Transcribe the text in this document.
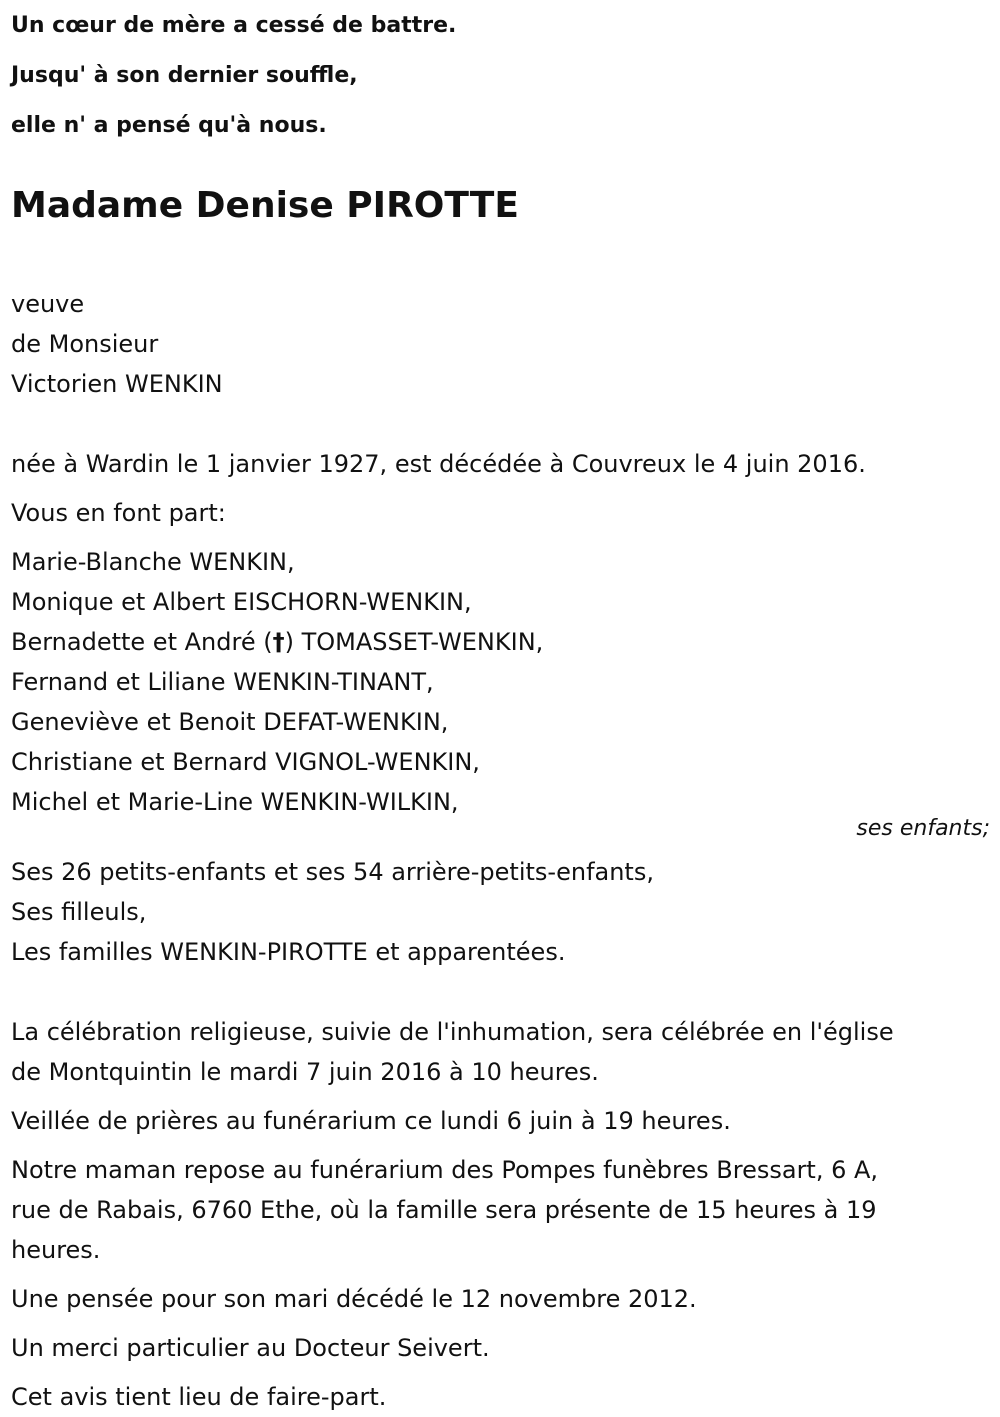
Un cœur de mère a cessé de battre.
Jusqu' à son dernier souffle,
elle n' a pensé qu'à nous.
Madame Denise PIROTTE
veuve
de Monsieur
Victorien WENKIN
née à Wardin le 1 janvier 1927, est décédée à Couvreux le 4 juin 2016.
Vous en font part:
Marie-Blanche WENKIN,
Monique et Albert EISCHORN-WENKIN,
Bernadette et André (†) TOMASSET-WENKIN,
Fernand et Liliane WENKIN-TINANT,
Geneviève et Benoit DEFAT-WENKIN,
Christiane et Bernard VIGNOL-WENKIN,
Michel et Marie-Line WENKIN-WILKIN,
ses enfants;
Ses 26 petits-enfants et ses 54 arrière-petits-enfants,
Ses filleuls,
Les familles WENKIN-PIROTTE et apparentées.
La célébration religieuse, suivie de l'inhumation, sera célébrée en l'église
de Montquintin le mardi 7 juin 2016 à 10 heures.
Veillée de prières au funérarium ce lundi 6 juin à 19 heures.
Notre maman repose au funérarium des Pompes funèbres Bressart, 6 A,
rue de Rabais, 6760 Ethe, où la famille sera présente de 15 heures à 19
heures.
Une pensée pour son mari décédé le 12 novembre 2012.
Un merci particulier au Docteur Seivert.
Cet avis tient lieu de faire-part.
